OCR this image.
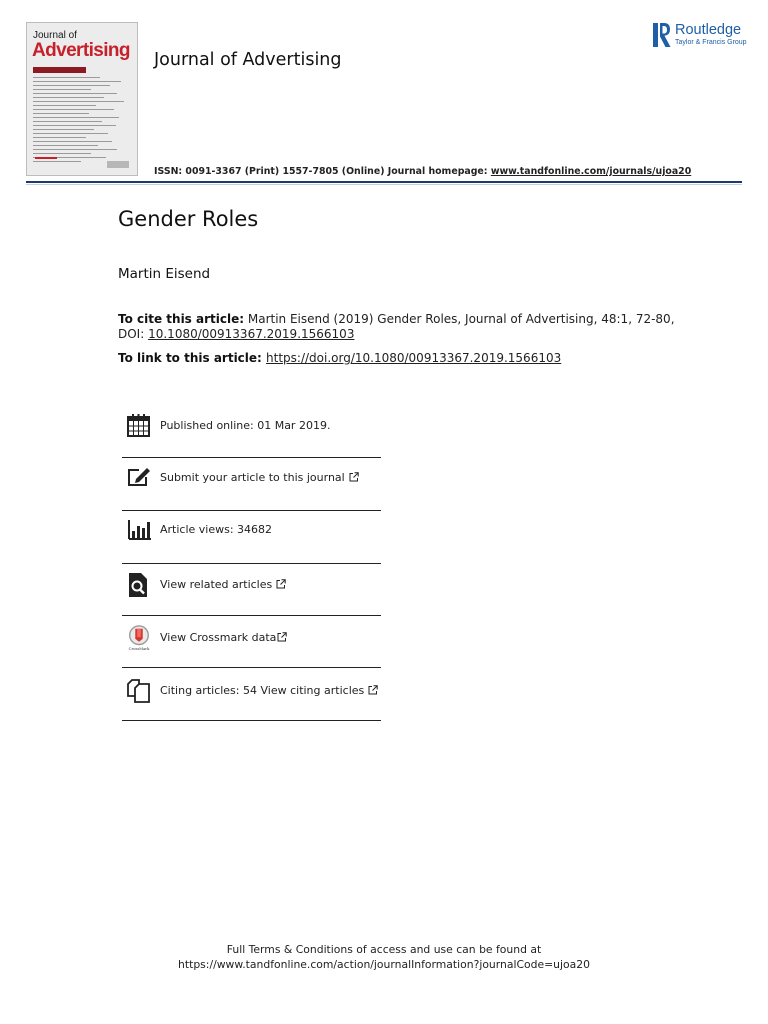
Journal of
Advertising
Journal of Advertising
Routledge
Taylor & Francis Group
ISSN: 0091-3367 (Print) 1557-7805 (Online) Journal homepage: www.tandfonline.com/journals/ujoa20
Gender Roles
Martin Eisend
To cite this article: Martin Eisend (2019) Gender Roles, Journal of Advertising, 48:1, 72-80, DOI: 10.1080/00913367.2019.1566103
To link to this article: https://doi.org/10.1080/00913367.2019.1566103
Published online: 01 Mar 2019.
Submit your article to this journal
Article views: 34682
View related articles
CrossMark
View Crossmark data
Citing articles: 54 View citing articles
Full Terms & Conditions of access and use can be found at
https://www.tandfonline.com/action/journalInformation?journalCode=ujoa20
